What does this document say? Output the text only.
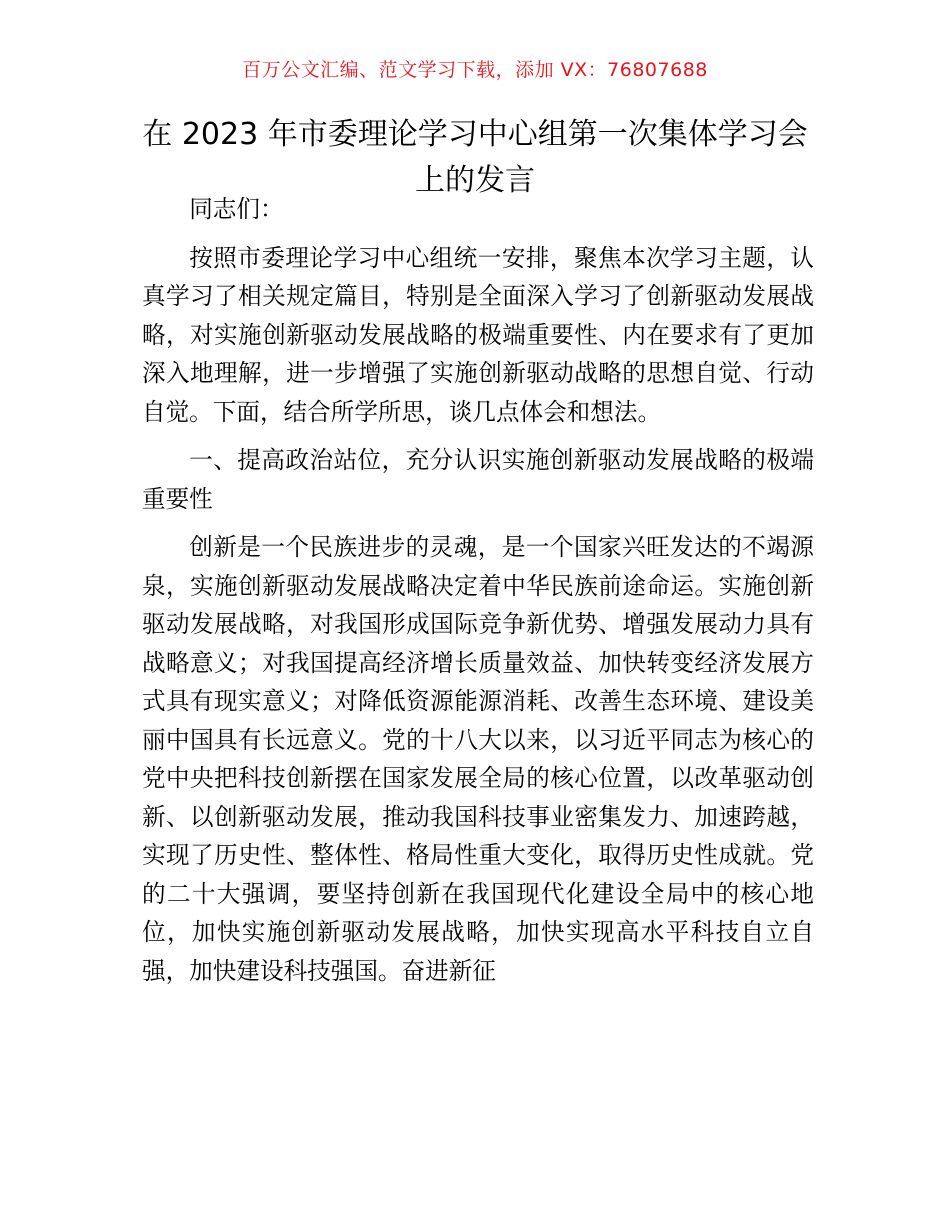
百万公文汇编、范文学习下载，添加 VX：76807688
在 2023 年市委理论学习中心组第一次集体学习会上的发言

同志们：

按照市委理论学习中心组统一安排，聚焦本次学习主题，认真学习了相关规定篇目，特别是全面深入学习了创新驱动发展战略，对实施创新驱动发展战略的极端重要性、内在要求有了更加深入地理解，进一步增强了实施创新驱动战略的思想自觉、行动自觉。下面，结合所学所思，谈几点体会和想法。

一、提高政治站位，充分认识实施创新驱动发展战略的极端重要性

创新是一个民族进步的灵魂，是一个国家兴旺发达的不竭源泉，实施创新驱动发展战略决定着中华民族前途命运。实施创新驱动发展战略，对我国形成国际竞争新优势、增强发展动力具有战略意义；对我国提高经济增长质量效益、加快转变经济发展方式具有现实意义；对降低资源能源消耗、改善生态环境、建设美丽中国具有长远意义。党的十八大以来，以习近平同志为核心的党中央把科技创新摆在国家发展全局的核心位置，以改革驱动创新、以创新驱动发展，推动我国科技事业密集发力、加速跨越，实现了历史性、整体性、格局性重大变化，取得历史性成就。党的二十大强调，要坚持创新在我国现代化建设全局中的核心地位，加快实施创新驱动发展战略，加快实现高水平科技自立自强，加快建设科技强国。奋进新征
